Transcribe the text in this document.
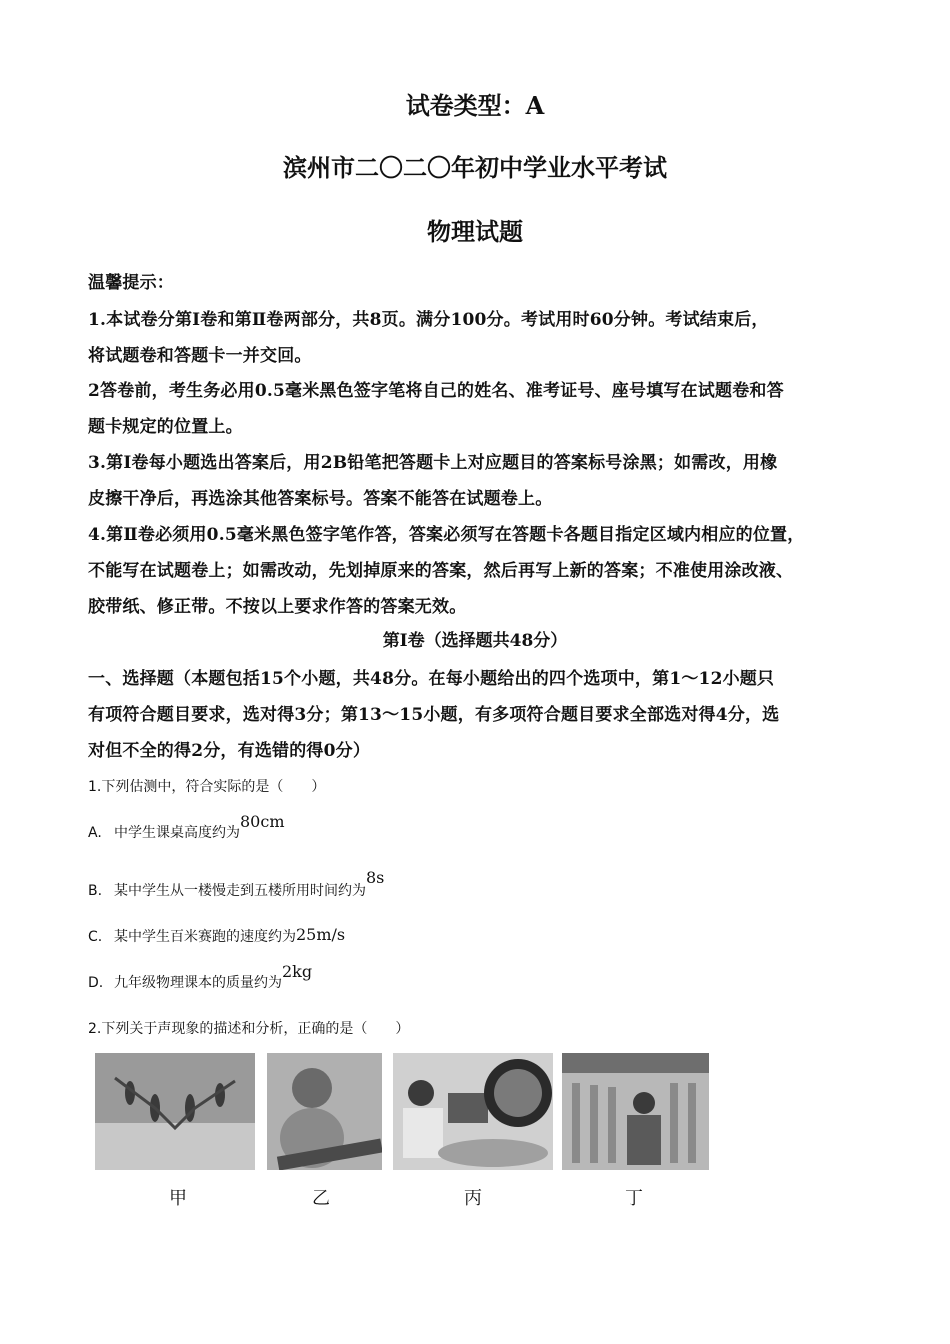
试卷类型：A
滨州市二〇二〇年初中学业水平考试
物理试题
温馨提示：
1.本试卷分第Ⅰ卷和第Ⅱ卷两部分，共8页。满分100分。考试用时60分钟。考试结束后，
将试题卷和答题卡一并交回。
2答卷前，考生务必用0.5毫米黑色签字笔将自己的姓名、准考证号、座号填写在试题卷和答
题卡规定的位置上。
3.第Ⅰ卷每小题选出答案后，用2B铅笔把答题卡上对应题目的答案标号涂黑；如需改，用橡
皮擦干净后，再选涂其他答案标号。答案不能答在试题卷上。
4.第Ⅱ卷必须用0.5毫米黑色签字笔作答，答案必须写在答题卡各题目指定区域内相应的位置，
不能写在试题卷上；如需改动，先划掉原来的答案，然后再写上新的答案；不准使用涂改液、
胶带纸、修正带。不按以上要求作答的答案无效。
第Ⅰ卷（选择题共48分）
一、选择题（本题包括15个小题，共48分。在每小题给出的四个选项中，第1～12小题只
有项符合题目要求，选对得3分；第13～15小题，有多项符合题目要求全部选对得4分，选
对但不全的得2分，有选错的得0分）
1.下列估测中，符合实际的是（　　）
A. 中学生课桌高度约为80cm
B. 某中学生从一楼慢走到五楼所用时间约为8s
C. 某中学生百米赛跑的速度约为25m/s
D. 九年级物理课本的质量约为2kg
2.下列关于声现象的描述和分析，正确的是（　　）
甲	乙	丙	丁
